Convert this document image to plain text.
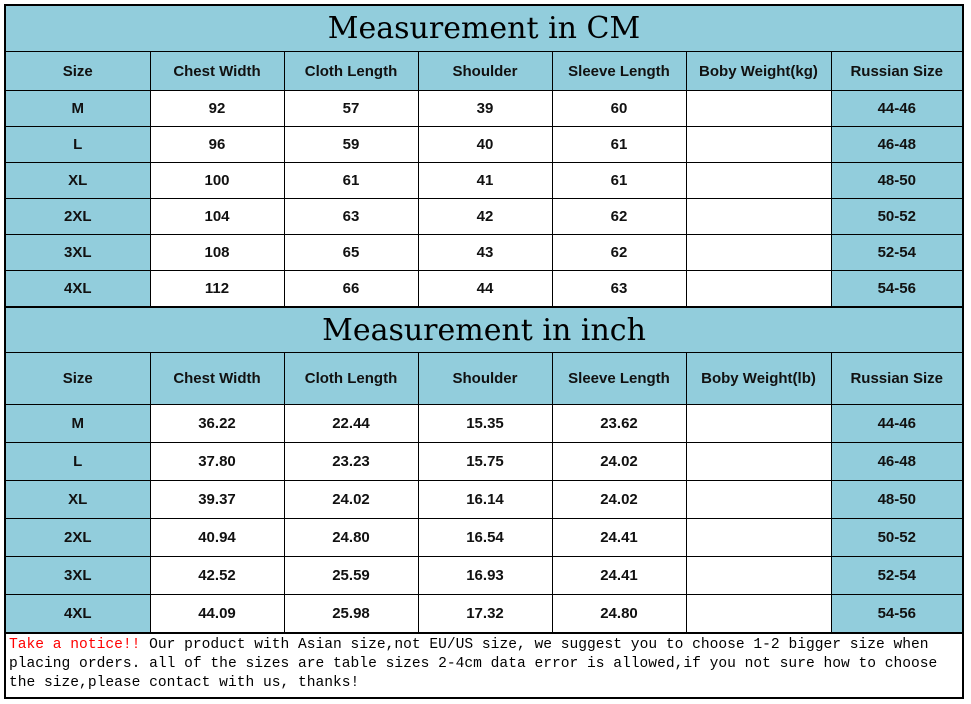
Measurement in CM
Size	Chest Width	Cloth Length	Shoulder	Sleeve Length	Boby Weight(kg)	Russian Size
M	92	57	39	60		44-46
L	96	59	40	61		46-48
XL	100	61	41	61		48-50
2XL	104	63	42	62		50-52
3XL	108	65	43	62		52-54
4XL	112	66	44	63		54-56
Measurement in inch
Size	Chest Width	Cloth Length	Shoulder	Sleeve Length	Boby Weight(lb)	Russian Size
M	36.22	22.44	15.35	23.62		44-46
L	37.80	23.23	15.75	24.02		46-48
XL	39.37	24.02	16.14	24.02		48-50
2XL	40.94	24.80	16.54	24.41		50-52
3XL	42.52	25.59	16.93	24.41		52-54
4XL	44.09	25.98	17.32	24.80		54-56
Take a notice!! Our product with Asian size,not EU/US size, we suggest you to choose 1-2 bigger size when placing orders. all of the sizes are table sizes 2-4cm data error is allowed,if you not sure how to choose the size,please contact with us, thanks!
